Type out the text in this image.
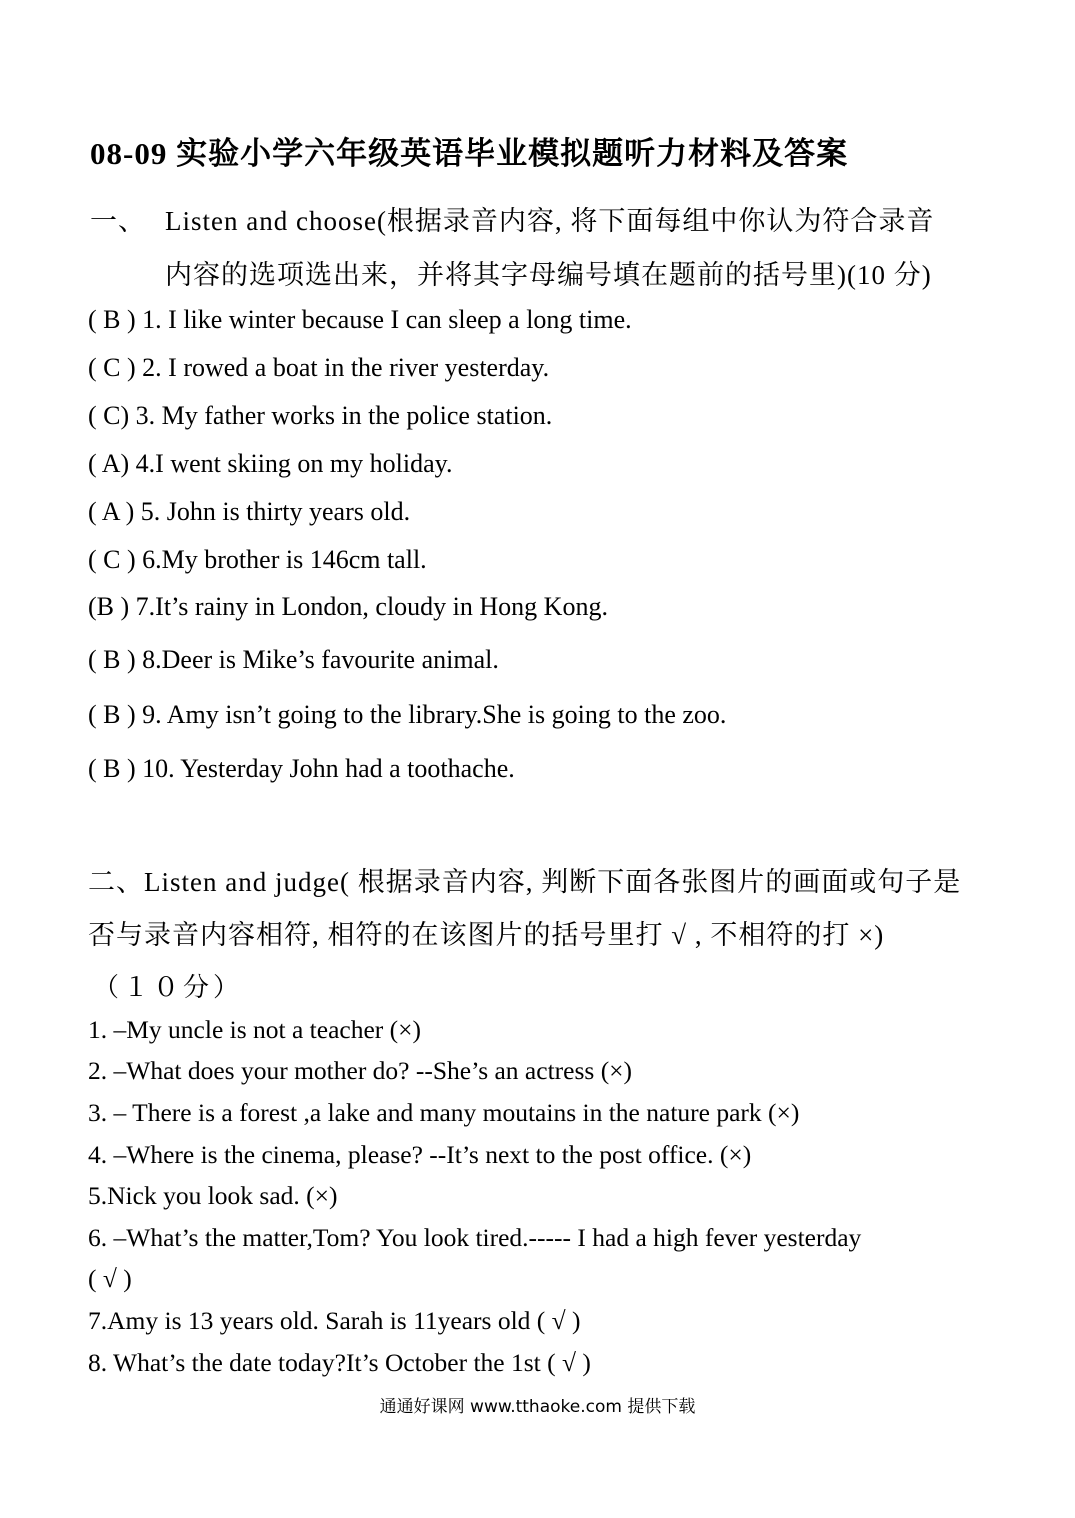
08-09 实验小学六年级英语毕业模拟题听力材料及答案
一、 Listen and choose(根据录音内容, 将下面每组中你认为符合录音
内容的选项选出来，并将其字母编号填在题前的括号里)(10 分)
( B ) 1. I like winter because I can sleep a long time.
( C ) 2. I rowed a boat in the river yesterday.
( C) 3. My father works in the police station.
( A) 4.I went skiing on my holiday.
( A ) 5. John is thirty years old.
( C ) 6.My brother is 146cm tall.
(B ) 7.It’s rainy in London, cloudy in Hong Kong.
( B ) 8.Deer is Mike’s favourite animal.
( B ) 9. Amy isn’t going to the library.She is going to the zoo.
( B ) 10. Yesterday John had a toothache.
二、Listen and judge( 根据录音内容, 判断下面各张图片的画面或句子是
否与录音内容相符, 相符的在该图片的括号里打 √ , 不相符的打 ×)
（１０分）
1. –My uncle is not a teacher (×)
2. –What does your mother do? --She’s an actress (×)
3. – There is a forest ,a lake and many moutains in the nature park (×)
4. –Where is the cinema, please? --It’s next to the post office. (×)
5.Nick you look sad. (×)
6. –What’s the matter,Tom? You look tired.----- I had a high fever yesterday
( √ )
7.Amy is 13 years old. Sarah is 11years old ( √ )
8. What’s the date today?It’s October the 1st ( √ )
通通好课网 www.tthaoke.com 提供下载
